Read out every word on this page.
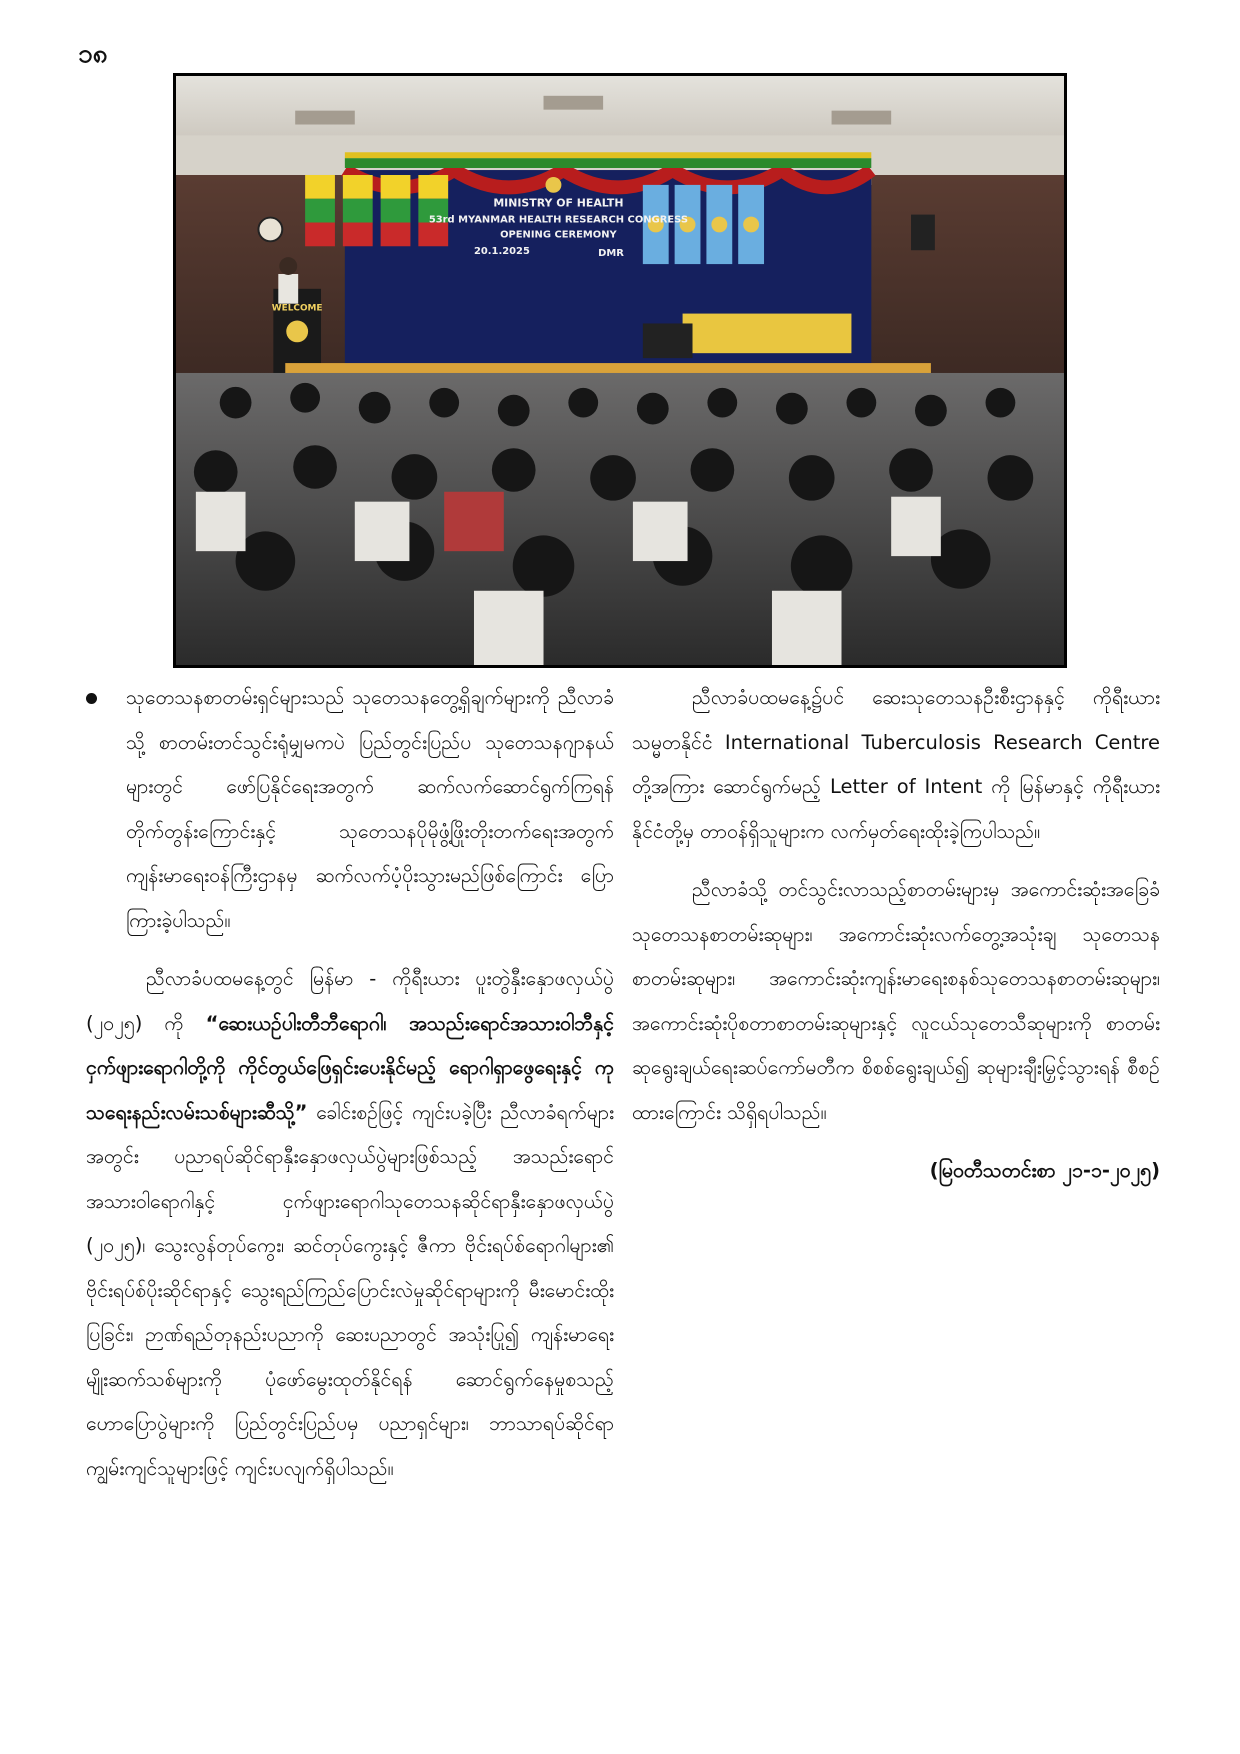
၁၈
MINISTRY OF HEALTH
53rd MYANMAR HEALTH RESEARCH CONGRESS
OPENING CEREMONY
20.1.2025	DMR
WELCOME
သုတေသနစာတမ်းရှင်များသည် သုတေသနတွေ့ရှိချက်များကို ညီလာခံသို့ စာတမ်းတင်သွင်းရုံမျှမကပဲ ပြည်တွင်းပြည်ပ သုတေသနဂျာနယ်များတွင် ဖော်ပြနိုင်ရေးအတွက် ဆက်လက်ဆောင်ရွက်ကြရန် တိုက်တွန်းကြောင်းနှင့် သုတေသနပိုမိုဖွံ့ဖြိုးတိုးတက်ရေးအတွက် ကျန်းမာရေးဝန်ကြီးဌာနမှ ဆက်လက်ပံ့ပိုးသွားမည်ဖြစ်ကြောင်း ပြောကြားခဲ့ပါသည်။

ညီလာခံပထမနေ့တွင် မြန်မာ - ကိုရီးယား ပူးတွဲနှီးနှောဖလှယ်ပွဲ (၂၀၂၅) ကို “ဆေးယဉ်ပါးတီဘီရောဂါ၊ အသည်းရောင်အသားဝါဘီနှင့် ငှက်ဖျားရောဂါတို့ကို ကိုင်တွယ်ဖြေရှင်းပေးနိုင်မည့် ရောဂါရှာဖွေရေးနှင့် ကုသရေးနည်းလမ်းသစ်များဆီသို့” ခေါင်းစဉ်ဖြင့် ကျင်းပခဲ့ပြီး ညီလာခံရက်များအတွင်း ပညာရပ်ဆိုင်ရာနှီးနှောဖလှယ်ပွဲများဖြစ်သည့် အသည်းရောင်အသားဝါရောဂါနှင့် ငှက်ဖျားရောဂါသုတေသနဆိုင်ရာနှီးနှောဖလှယ်ပွဲ (၂၀၂၅)၊ သွေးလွန်တုပ်ကွေး၊ ဆင်တုပ်ကွေးနှင့် ဇီကာ ဗိုင်းရပ်စ်ရောဂါများ၏ ဗိုင်းရပ်စ်ပိုးဆိုင်ရာနှင့် သွေးရည်ကြည်ပြောင်းလဲမှုဆိုင်ရာများကို မီးမောင်းထိုးပြခြင်း၊ ဉာဏ်ရည်တုနည်းပညာကို ဆေးပညာတွင် အသုံးပြု၍ ကျန်းမာရေးမျိုးဆက်သစ်များကို ပုံဖော်မွေးထုတ်နိုင်ရန် ဆောင်ရွက်နေမှုစသည့် ဟောပြောပွဲများကို ပြည်တွင်းပြည်ပမှ ပညာရှင်များ၊ ဘာသာရပ်ဆိုင်ရာကျွမ်းကျင်သူများဖြင့် ကျင်းပလျက်ရှိပါသည်။

ညီလာခံပထမနေ့၌ပင် ဆေးသုတေသနဦးစီးဌာနနှင့် ကိုရီးယားသမ္မတနိုင်ငံ International Tuberculosis Research Centre တို့အကြား ဆောင်ရွက်မည့် Letter of Intent ကို မြန်မာနှင့် ကိုရီးယားနိုင်ငံတို့မှ တာဝန်ရှိသူများက လက်မှတ်ရေးထိုးခဲ့ကြပါသည်။

ညီလာခံသို့ တင်သွင်းလာသည့်စာတမ်းများမှ အကောင်းဆုံးအခြေခံသုတေသနစာတမ်းဆုများ၊ အကောင်းဆုံးလက်တွေ့အသုံးချ သုတေသနစာတမ်းဆုများ၊ အကောင်းဆုံးကျန်းမာရေးစနစ်သုတေသနစာတမ်းဆုများ၊ အကောင်းဆုံးပိုစတာစာတမ်းဆုများနှင့် လူငယ်သုတေသီဆုများကို စာတမ်းဆုရွေးချယ်ရေးဆပ်ကော်မတီက စိစစ်ရွေးချယ်၍ ဆုများချီးမြှင့်သွားရန် စီစဉ်ထားကြောင်း သိရှိရပါသည်။

(မြဝတီသတင်းစာ ၂၁-၁-၂၀၂၅)
